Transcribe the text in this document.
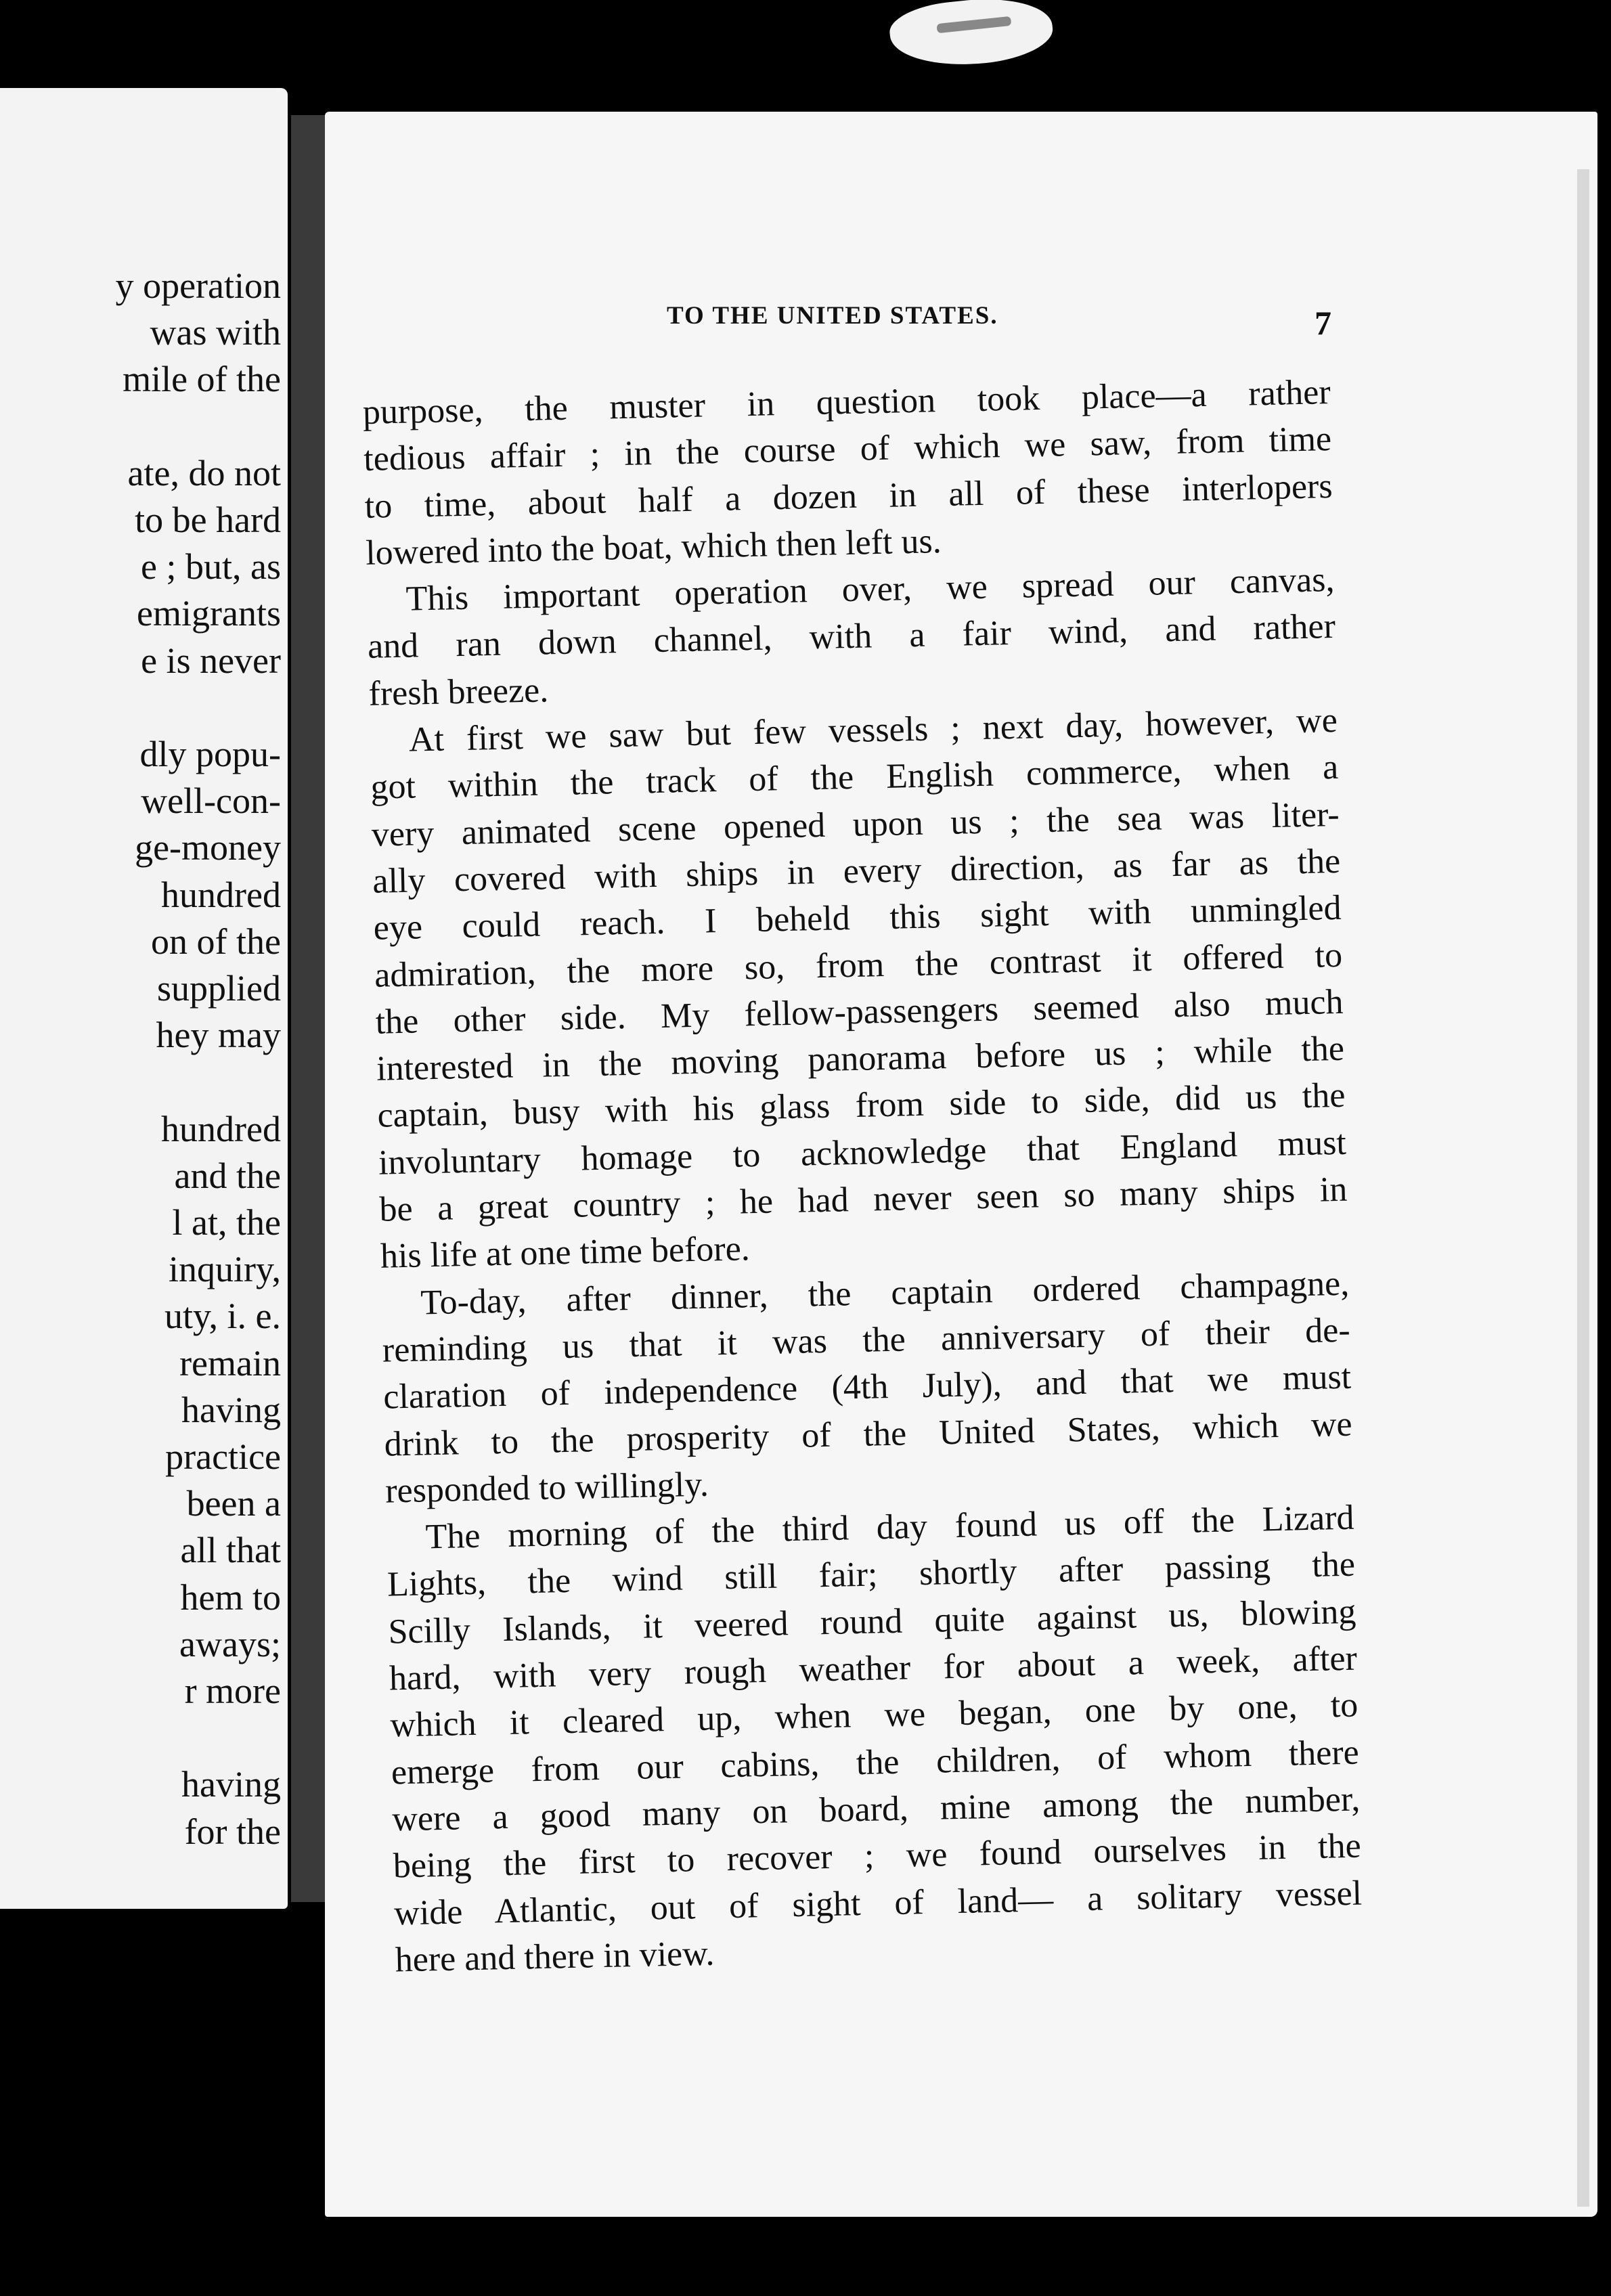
y operation
was with
mile of the
ate, do not
to be hard
e ; but, as
emigrants
e is never
dly popu-
well-con-
ge-money
hundred
on of the
supplied
hey may
hundred
and the
l at, the
inquiry,
uty, i. e.
remain
having
practice
been a
all that
hem to
aways;
r more
having
for the
TO THE UNITED STATES.	7
purpose, the muster in question took place—a rather
tedious affair ; in the course of which we saw, from time
to time, about half a dozen in all of these interlopers
lowered into the boat, which then left us.
This important operation over, we spread our canvas,
and ran down channel, with a fair wind, and rather
fresh breeze.
At first we saw but few vessels ; next day, however, we
got within the track of the English commerce, when a
very animated scene opened upon us ; the sea was liter-
ally covered with ships in every direction, as far as the
eye could reach. I beheld this sight with unmingled
admiration, the more so, from the contrast it offered to
the other side. My fellow-passengers seemed also much
interested in the moving panorama before us ; while the
captain, busy with his glass from side to side, did us the
involuntary homage to acknowledge that England must
be a great country ; he had never seen so many ships in
his life at one time before.
To-day, after dinner, the captain ordered champagne,
reminding us that it was the anniversary of their de-
claration of independence (4th July), and that we must
drink to the prosperity of the United States, which we
responded to willingly.
The morning of the third day found us off the Lizard
Lights, the wind still fair; shortly after passing the
Scilly Islands, it veered round quite against us, blowing
hard, with very rough weather for about a week, after
which it cleared up, when we began, one by one, to
emerge from our cabins, the children, of whom there
were a good many on board, mine among the number,
being the first to recover ; we found ourselves in the
wide Atlantic, out of sight of land— a solitary vessel
here and there in view.
